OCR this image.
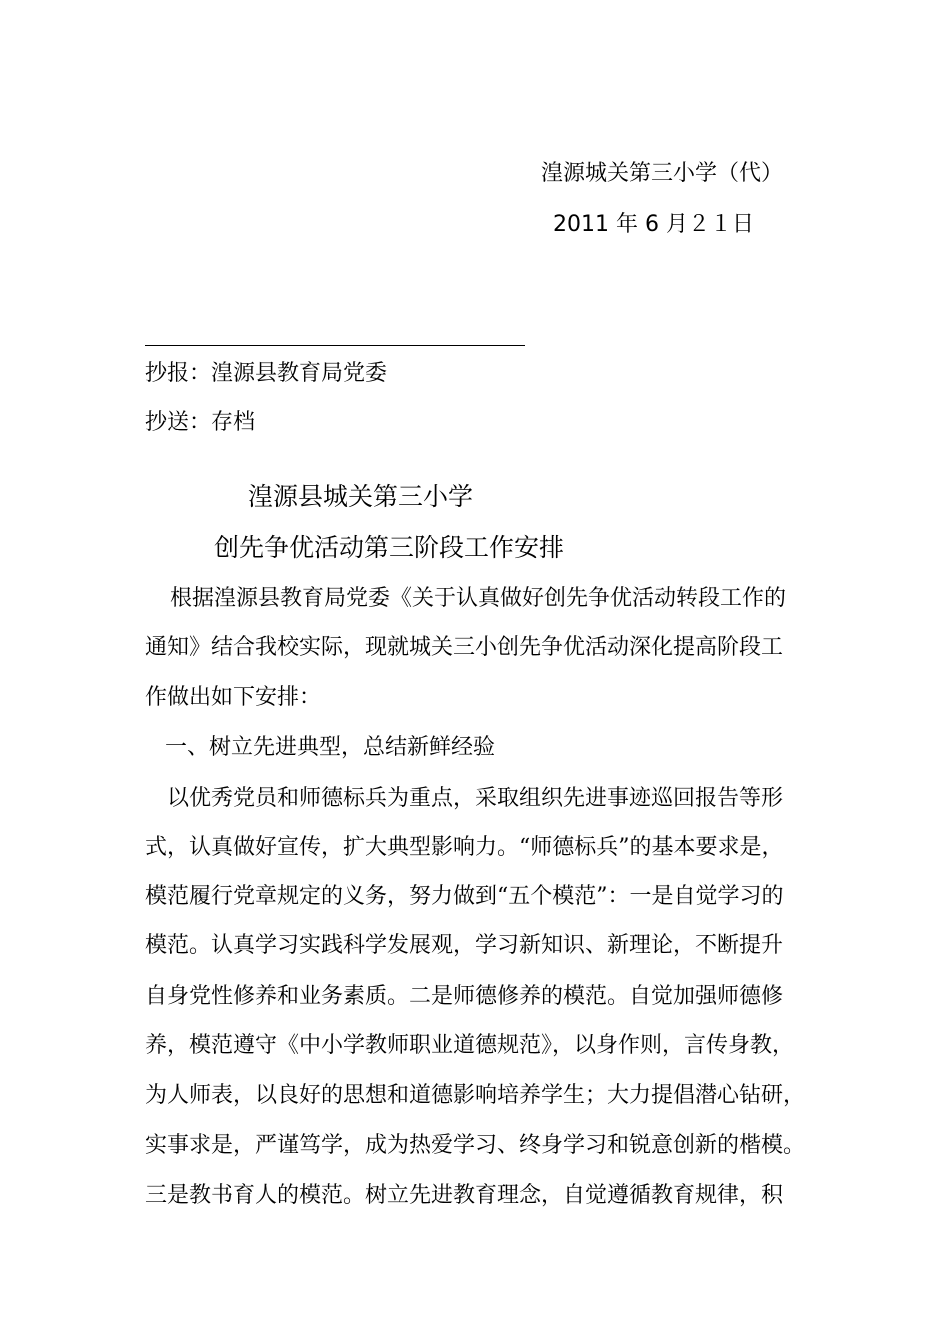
湟源城关第三小学（代）
2011 年 6 月２１日
抄报：湟源县教育局党委
抄送：存档
湟源县城关第三小学
创先争优活动第三阶段工作安排
根据湟源县教育局党委《关于认真做好创先争优活动转段工作的
通知》结合我校实际，现就城关三小创先争优活动深化提高阶段工
作做出如下安排：
一、树立先进典型，总结新鲜经验
以优秀党员和师德标兵为重点，采取组织先进事迹巡回报告等形
式，认真做好宣传，扩大典型影响力。“师德标兵”的基本要求是，
模范履行党章规定的义务，努力做到“五个模范”：一是自觉学习的
模范。认真学习实践科学发展观，学习新知识、新理论，不断提升
自身党性修养和业务素质。二是师德修养的模范。自觉加强师德修
养，模范遵守《中小学教师职业道德规范》，以身作则，言传身教，
为人师表，以良好的思想和道德影响培养学生；大力提倡潜心钻研，
实事求是，严谨笃学，成为热爱学习、终身学习和锐意创新的楷模。
三是教书育人的模范。树立先进教育理念，自觉遵循教育规律，积
